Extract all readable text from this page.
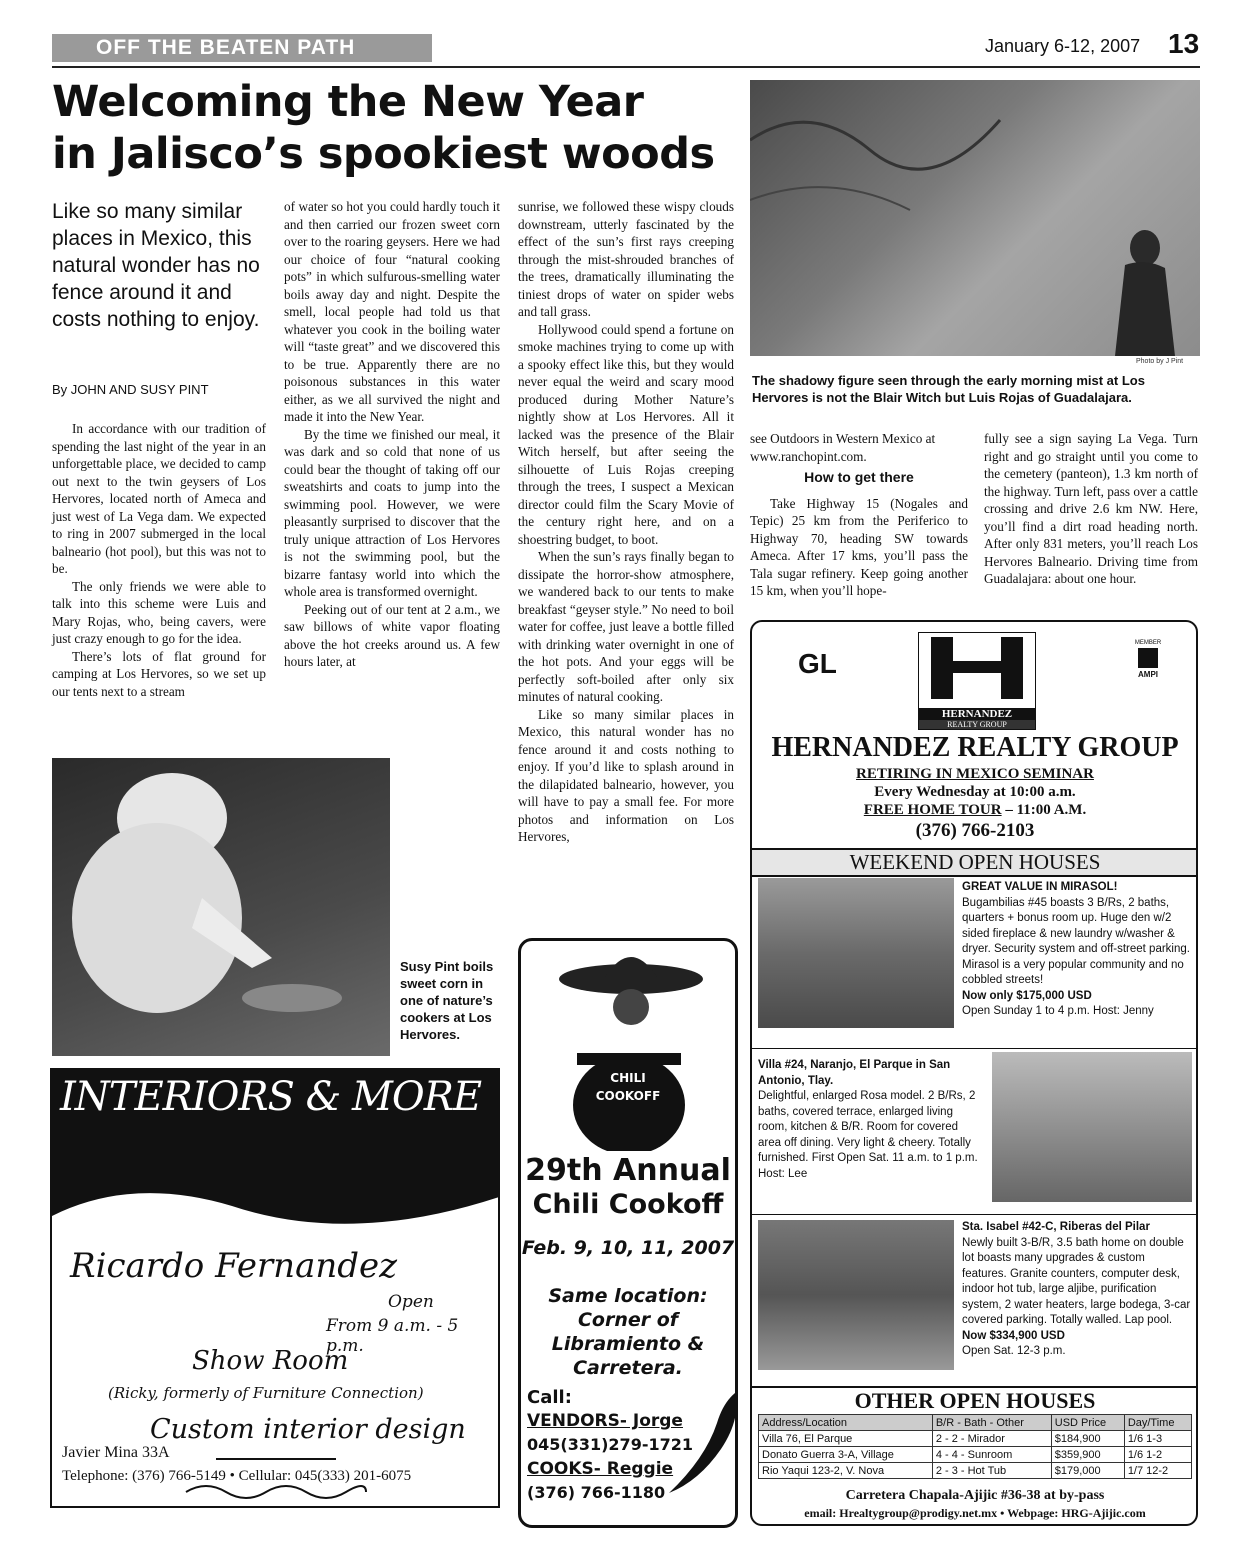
OFF THE BEATEN PATH	January 6-12, 2007 13
Welcoming the New Year
in Jalisco’s spookiest woods
Like so many similar places in Mexico, this natural wonder has no fence around it and costs nothing to enjoy.
By JOHN AND SUSY PINT

In accordance with our tradition of spending the last night of the year in an unforgettable place, we decided to camp out next to the twin geysers of Los Hervores, located north of Ameca and just west of La Vega dam. We expected to ring in 2007 submerged in the local balneario (hot pool), but this was not to be.

The only friends we were able to talk into this scheme were Luis and Mary Rojas, who, being cavers, were just crazy enough to go for the idea.

There’s lots of flat ground for camping at Los Hervores, so we set up our tents next to a stream

of water so hot you could hardly touch it and then carried our frozen sweet corn over to the roaring geysers. Here we had our choice of four “natural cooking pots” in which sulfurous-smelling water boils away day and night. Despite the smell, local people had told us that whatever you cook in the boiling water will “taste great” and we discovered this to be true. Apparently there are no poisonous substances in this water either, as we all survived the night and made it into the New Year.

By the time we finished our meal, it was dark and so cold that none of us could bear the thought of taking off our sweatshirts and coats to jump into the swimming pool. However, we were pleasantly surprised to discover that the truly unique attraction of Los Hervores is not the swimming pool, but the bizarre fantasy world into which the whole area is transformed overnight.

Peeking out of our tent at 2 a.m., we saw billows of white vapor floating above the hot creeks around us. A few hours later, at

sunrise, we followed these wispy clouds downstream, utterly fascinated by the effect of the sun’s first rays creeping through the mist-shrouded branches of the trees, dramatically illuminating the tiniest drops of water on spider webs and tall grass.

Hollywood could spend a fortune on smoke machines trying to come up with a spooky effect like this, but they would never equal the weird and scary mood produced during Mother Nature’s nightly show at Los Hervores. All it lacked was the presence of the Blair Witch herself, but after seeing the silhouette of Luis Rojas creeping through the trees, I suspect a Mexican director could film the Scary Movie of the century right here, and on a shoestring budget, to boot.

When the sun’s rays finally began to dissipate the horror-show atmosphere, we wandered back to our tents to make breakfast “geyser style.” No need to boil water for coffee, just leave a bottle filled with drinking water overnight in one of the hot pots. And your eggs will be perfectly soft-boiled after only six minutes of natural cooking.

Like so many similar places in Mexico, this natural wonder has no fence around it and costs nothing to enjoy. If you’d like to splash around in the dilapidated balneario, however, you will have to pay a small fee. For more photos and information on Los Hervores,

Photo by J Pint
The shadowy figure seen through the early morning mist at Los Hervores is not the Blair Witch but Luis Rojas of Guadalajara.

see Outdoors in Western Mexico at www.ranchopint.com.

How to get there

Take Highway 15 (Nogales and Tepic) 25 km from the Periferico to Highway 70, heading SW towards Ameca. After 17 kms, you’ll pass the Tala sugar refinery. Keep going another 15 km, when you’ll hope-

fully see a sign saying La Vega. Turn right and go straight until you come to the cemetery (panteon), 1.3 km north of the highway. Turn left, pass over a cattle crossing and drive 2.6 km NW. Here, you’ll find a dirt road heading north. After only 831 meters, you’ll reach Los Hervores Balneario. Driving time from Guadalajara: about one hour.

Susy Pint boils sweet corn in one of nature’s cookers at Los Hervores.
INTERIORS & MORE
Ricardo Fernandez
Open
From 9 a.m. - 5 p.m.
Show Room
(Ricky, formerly of Furniture Connection)
Custom interior design
Javier Mina 33A
Telephone: (376) 766-5149 • Cellular: 045(333) 201-6075
CHILI
COOKOFF
29th Annual
Chili Cookoff
Feb. 9, 10, 11, 2007
Same location:
Corner of
Libramiento &
Carretera.
Call:
VENDORS- Jorge
045(331)279-1721
COOKS- Reggie
(376) 766-1180
GL
HERNANDEZ
REALTY GROUP
MEMBER
AMPI
HERNANDEZ REALTY GROUP
RETIRING IN MEXICO SEMINAR
Every Wednesday at 10:00 a.m.
FREE HOME TOUR – 11:00 A.M.
(376) 766-2103
WEEKEND OPEN HOUSES
GREAT VALUE IN MIRASOL!
Bugambilias #45 boasts 3 B/Rs, 2 baths, quarters + bonus room up. Huge den w/2 sided fireplace & new laundry w/washer & dryer. Security system and off-street parking. Mirasol is a very popular community and no cobbled streets!
Now only $175,000 USD
Open Sunday 1 to 4 p.m. Host: Jenny
Villa #24, Naranjo, El Parque in San Antonio, Tlay.
Delightful, enlarged Rosa model. 2 B/Rs, 2 baths, covered terrace, enlarged living room, kitchen & B/R. Room for covered area off dining. Very light & cheery. Totally furnished. First Open Sat. 11 a.m. to 1 p.m. Host: Lee
Sta. Isabel #42-C, Riberas del Pilar
Newly built 3-B/R, 3.5 bath home on double lot boasts many upgrades & custom features. Granite counters, computer desk, indoor hot tub, large aljibe, purification system, 2 water heaters, large bodega, 3-car covered parking. Totally walled. Lap pool.
Now $334,900 USD
Open Sat. 12-3 p.m.
OTHER OPEN HOUSES
Address/Location	B/R - Bath - Other	USD Price	Day/Time
Villa 76, El Parque	2 - 2 - Mirador	$184,900	1/6 1-3
Donato Guerra 3-A, Village	4 - 4 - Sunroom	$359,900	1/6 1-2
Rio Yaqui 123-2, V. Nova	2 - 3 - Hot Tub	$179,000	1/7 12-2
Carretera Chapala-Ajijic #36-38 at by-pass
email: Hrealtygroup@prodigy.net.mx • Webpage: HRG-Ajijic.com
